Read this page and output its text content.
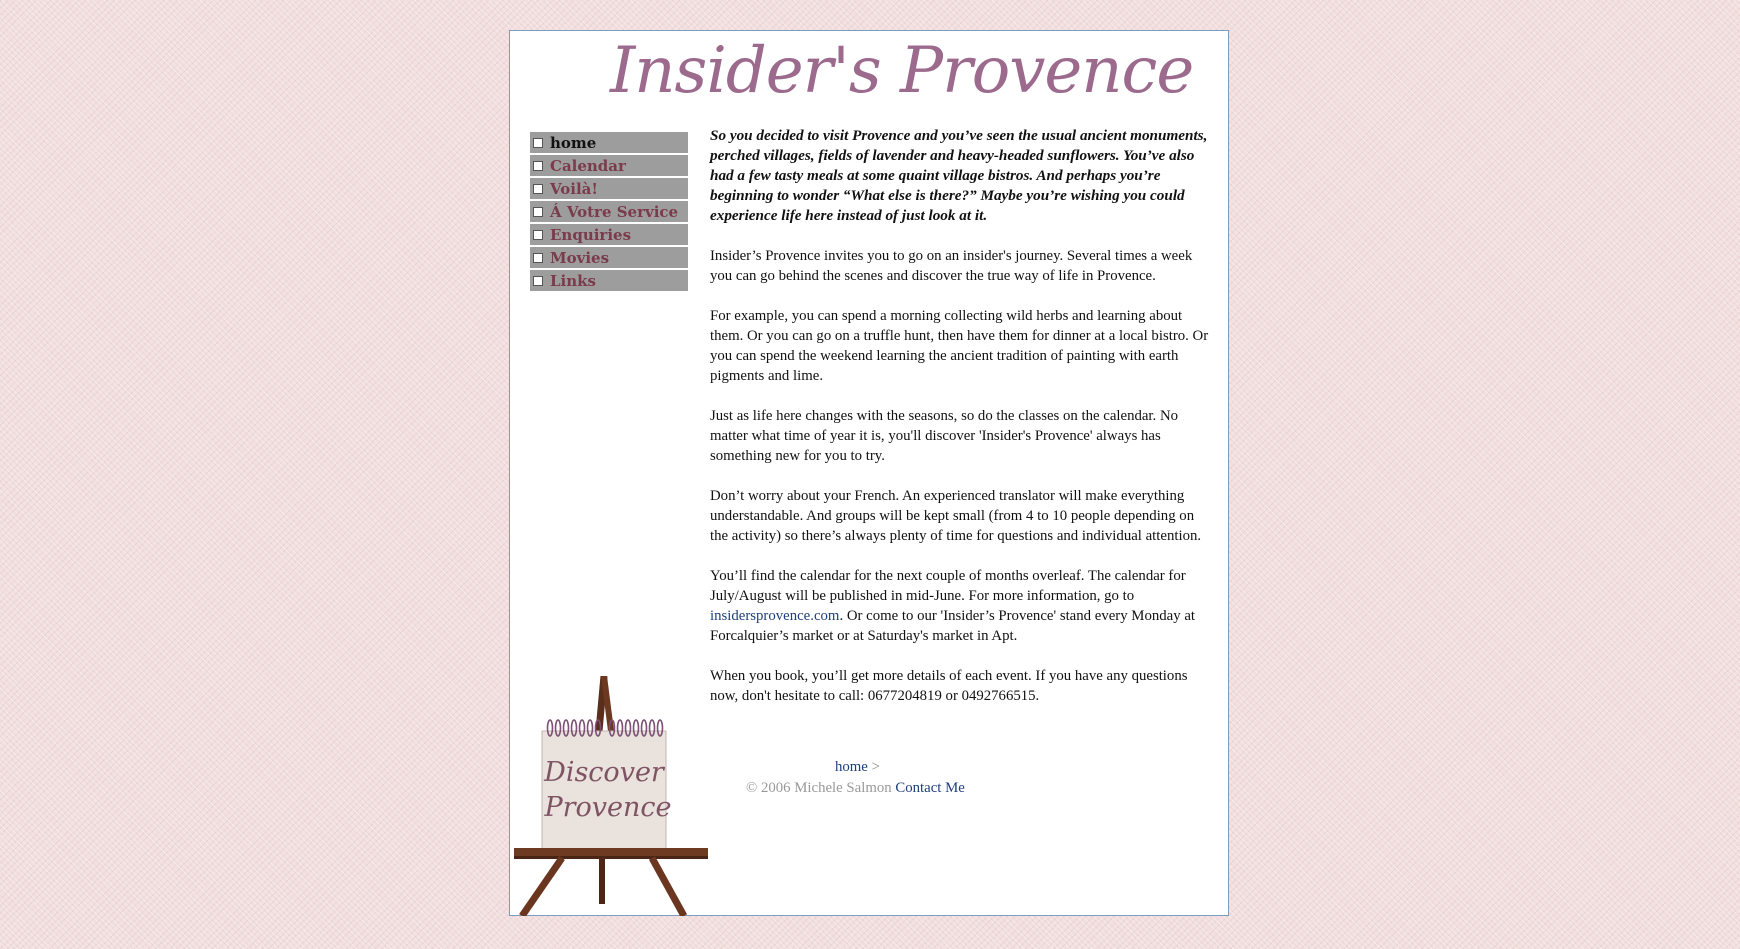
Insider's Provence
home
Calendar
Voilà!
Á Votre Service
Enquiries
Movies
Links

So you decided to visit Provence and you’ve seen the usual ancient monuments, perched villages, fields of lavender and heavy-headed sunflowers. You’ve also had a few tasty meals at some quaint village bistros. And perhaps you’re beginning to wonder “What else is there?” Maybe you’re wishing you could experience life here instead of just look at it.

Insider’s Provence invites you to go on an insider's journey. Several times a week you can go behind the scenes and discover the true way of life in Provence.

For example, you can spend a morning collecting wild herbs and learning about them. Or you can go on a truffle hunt, then have them for dinner at a local bistro. Or you can spend the weekend learning the ancient tradition of painting with earth pigments and lime.

Just as life here changes with the seasons, so do the classes on the calendar. No matter what time of year it is, you'll discover 'Insider's Provence' always has something new for you to try.

Don’t worry about your French. An experienced translator will make everything understandable. And groups will be kept small (from 4 to 10 people depending on the activity) so there’s always plenty of time for questions and individual attention.

You’ll find the calendar for the next couple of months overleaf. The calendar for July/August will be published in mid-June. For more information, go to insidersprovence.com. Or come to our 'Insider’s Provence' stand every Monday at Forcalquier’s market or at Saturday's market in Apt.

When you book, you’ll get more details of each event. If you have any questions now, don't hesitate to call: 0677204819 or 0492766515.

home >
© 2006 Michele Salmon Contact Me
Discover
Provence
